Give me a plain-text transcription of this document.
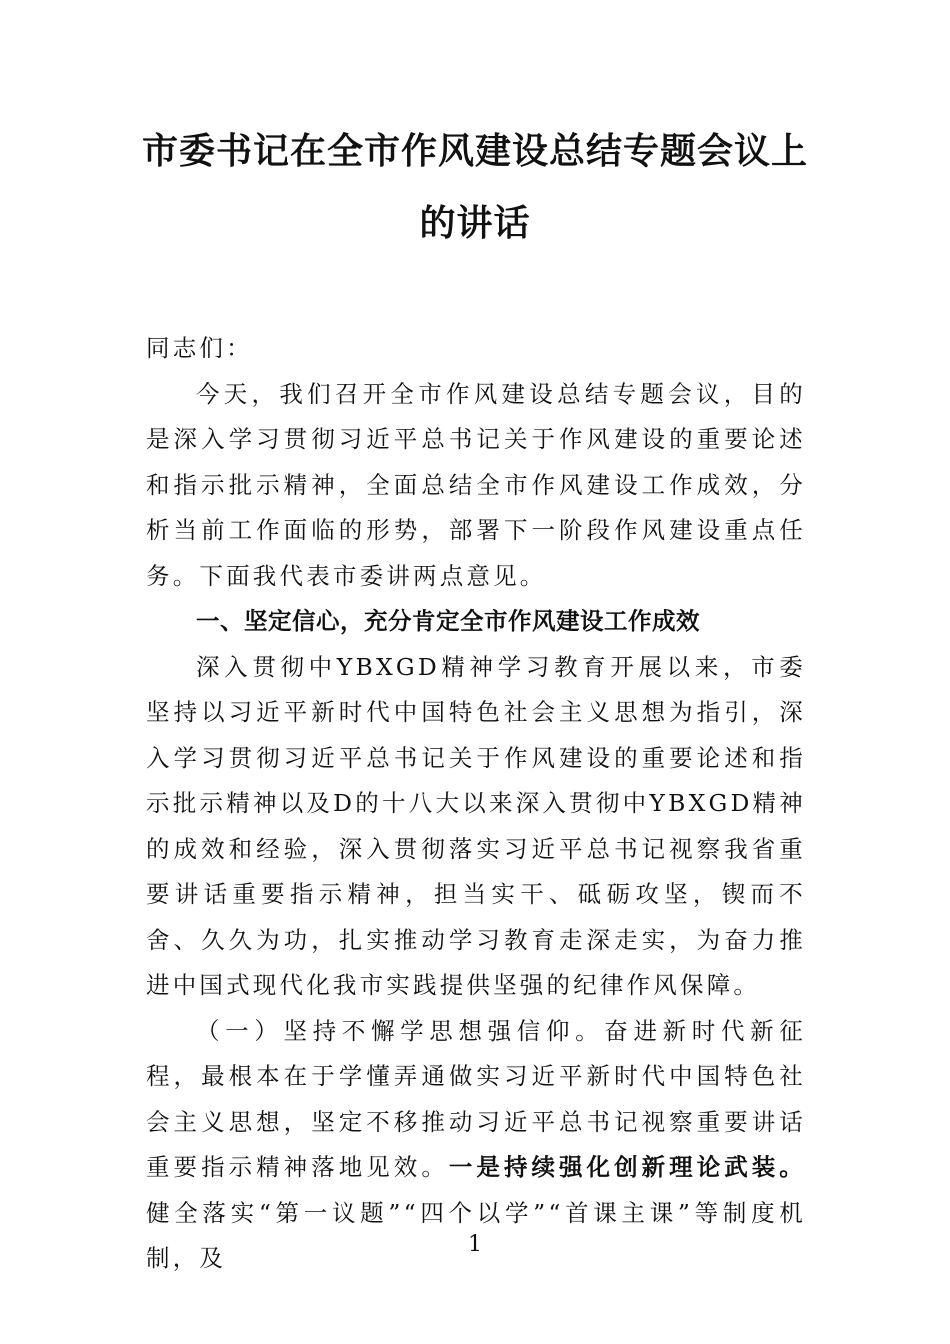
市委书记在全市作风建设总结专题会议上
的讲话

同志们：

今天，我们召开全市作风建设总结专题会议，目的是深入学习贯彻习近平总书记关于作风建设的重要论述和指示批示精神，全面总结全市作风建设工作成效，分析当前工作面临的形势，部署下一阶段作风建设重点任务。下面我代表市委讲两点意见。

一、坚定信心，充分肯定全市作风建设工作成效

深入贯彻中YBXGD精神学习教育开展以来，市委坚持以习近平新时代中国特色社会主义思想为指引，深入学习贯彻习近平总书记关于作风建设的重要论述和指示批示精神以及D的十八大以来深入贯彻中YBXGD精神的成效和经验，深入贯彻落实习近平总书记视察我省重要讲话重要指示精神，担当实干、砥砺攻坚，锲而不舍、久久为功，扎实推动学习教育走深走实，为奋力推进中国式现代化我市实践提供坚强的纪律作风保障。

（一）坚持不懈学思想强信仰。奋进新时代新征程，最根本在于学懂弄通做实习近平新时代中国特色社会主义思想，坚定不移推动习近平总书记视察重要讲话重要指示精神落地见效。一是持续强化创新理论武装。健全落实“第一议题”“四个以学”“首课主课”等制度机制，及	1
